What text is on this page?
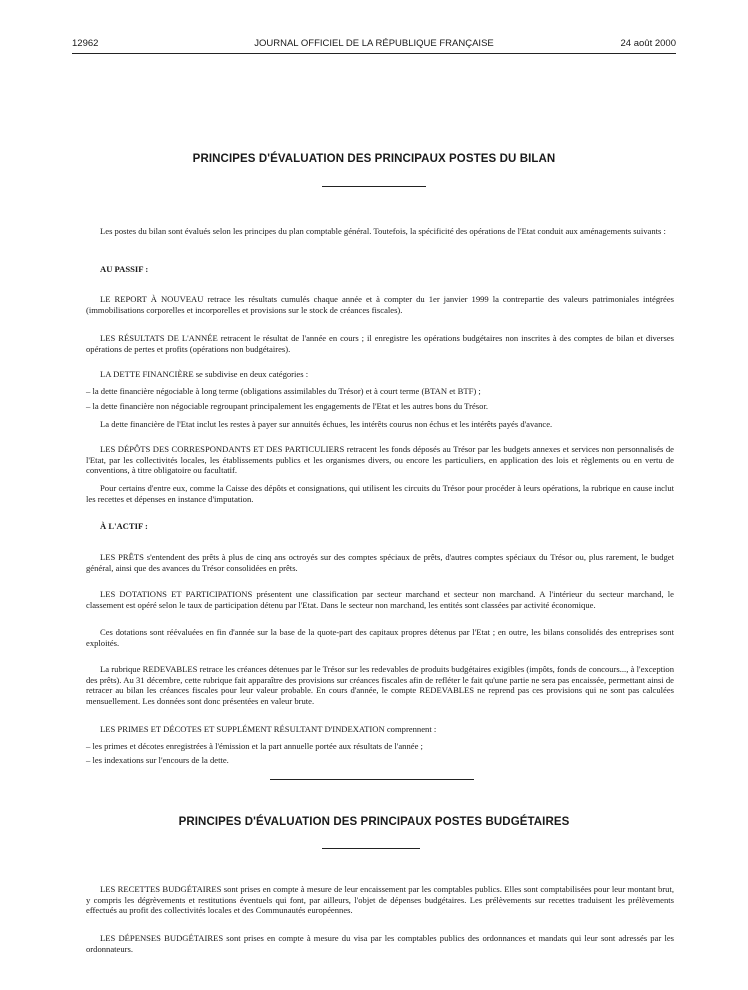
12962	JOURNAL OFFICIEL DE LA RÉPUBLIQUE FRANÇAISE	24 août 2000
PRINCIPES D'ÉVALUATION DES PRINCIPAUX POSTES DU BILAN

Les postes du bilan sont évalués selon les principes du plan comptable général. Toutefois, la spécificité des opérations de l'Etat conduit aux aménagements suivants :

AU PASSIF :

LE REPORT À NOUVEAU retrace les résultats cumulés chaque année et à compter du 1er janvier 1999 la contrepartie des valeurs patrimoniales intégrées (immobilisations corporelles et incorporelles et provisions sur le stock de créances fiscales).

LES RÉSULTATS DE L'ANNÉE retracent le résultat de l'année en cours ; il enregistre les opérations budgétaires non inscrites à des comptes de bilan et diverses opérations de pertes et profits (opérations non budgétaires).

LA DETTE FINANCIÈRE se subdivise en deux catégories :

– la dette financière négociable à long terme (obligations assimilables du Trésor) et à court terme (BTAN et BTF) ;

– la dette financière non négociable regroupant principalement les engagements de l'Etat et les autres bons du Trésor.

La dette financière de l'Etat inclut les restes à payer sur annuités échues, les intérêts courus non échus et les intérêts payés d'avance.

LES DÉPÔTS DES CORRESPONDANTS ET DES PARTICULIERS retracent les fonds déposés au Trésor par les budgets annexes et services non personnalisés de l'Etat, par les collectivités locales, les établissements publics et les organismes divers, ou encore les particuliers, en application des lois et règlements ou en vertu de conventions, à titre obligatoire ou facultatif.

Pour certains d'entre eux, comme la Caisse des dépôts et consignations, qui utilisent les circuits du Trésor pour procéder à leurs opérations, la rubrique en cause inclut les recettes et dépenses en instance d'imputation.

À L'ACTIF :

LES PRÊTS s'entendent des prêts à plus de cinq ans octroyés sur des comptes spéciaux de prêts, d'autres comptes spéciaux du Trésor ou, plus rarement, le budget général, ainsi que des avances du Trésor consolidées en prêts.

LES DOTATIONS ET PARTICIPATIONS présentent une classification par secteur marchand et secteur non marchand. A l'intérieur du secteur marchand, le classement est opéré selon le taux de participation détenu par l'Etat. Dans le secteur non marchand, les entités sont classées par activité économique.

Ces dotations sont réévaluées en fin d'année sur la base de la quote-part des capitaux propres détenus par l'Etat ; en outre, les bilans consolidés des entreprises sont exploités.

La rubrique REDEVABLES retrace les créances détenues par le Trésor sur les redevables de produits budgétaires exigibles (impôts, fonds de concours..., à l'exception des prêts). Au 31 décembre, cette rubrique fait apparaître des provisions sur créances fiscales afin de refléter le fait qu'une partie ne sera pas encaissée, permettant ainsi de retracer au bilan les créances fiscales pour leur valeur probable. En cours d'année, le compte REDEVABLES ne reprend pas ces provisions qui ne sont pas calculées mensuellement. Les données sont donc présentées en valeur brute.

LES PRIMES ET DÉCOTES ET SUPPLÉMENT RÉSULTANT D'INDEXATION comprennent :

– les primes et décotes enregistrées à l'émission et la part annuelle portée aux résultats de l'année ;

– les indexations sur l'encours de la dette.

PRINCIPES D'ÉVALUATION DES PRINCIPAUX POSTES BUDGÉTAIRES

LES RECETTES BUDGÉTAIRES sont prises en compte à mesure de leur encaissement par les comptables publics. Elles sont comptabilisées pour leur montant brut, y compris les dégrèvements et restitutions éventuels qui font, par ailleurs, l'objet de dépenses budgétaires. Les prélèvements sur recettes traduisent les prélèvements effectués au profit des collectivités locales et des Communautés européennes.

LES DÉPENSES BUDGÉTAIRES sont prises en compte à mesure du visa par les comptables publics des ordonnances et mandats qui leur sont adressés par les ordonnateurs.
